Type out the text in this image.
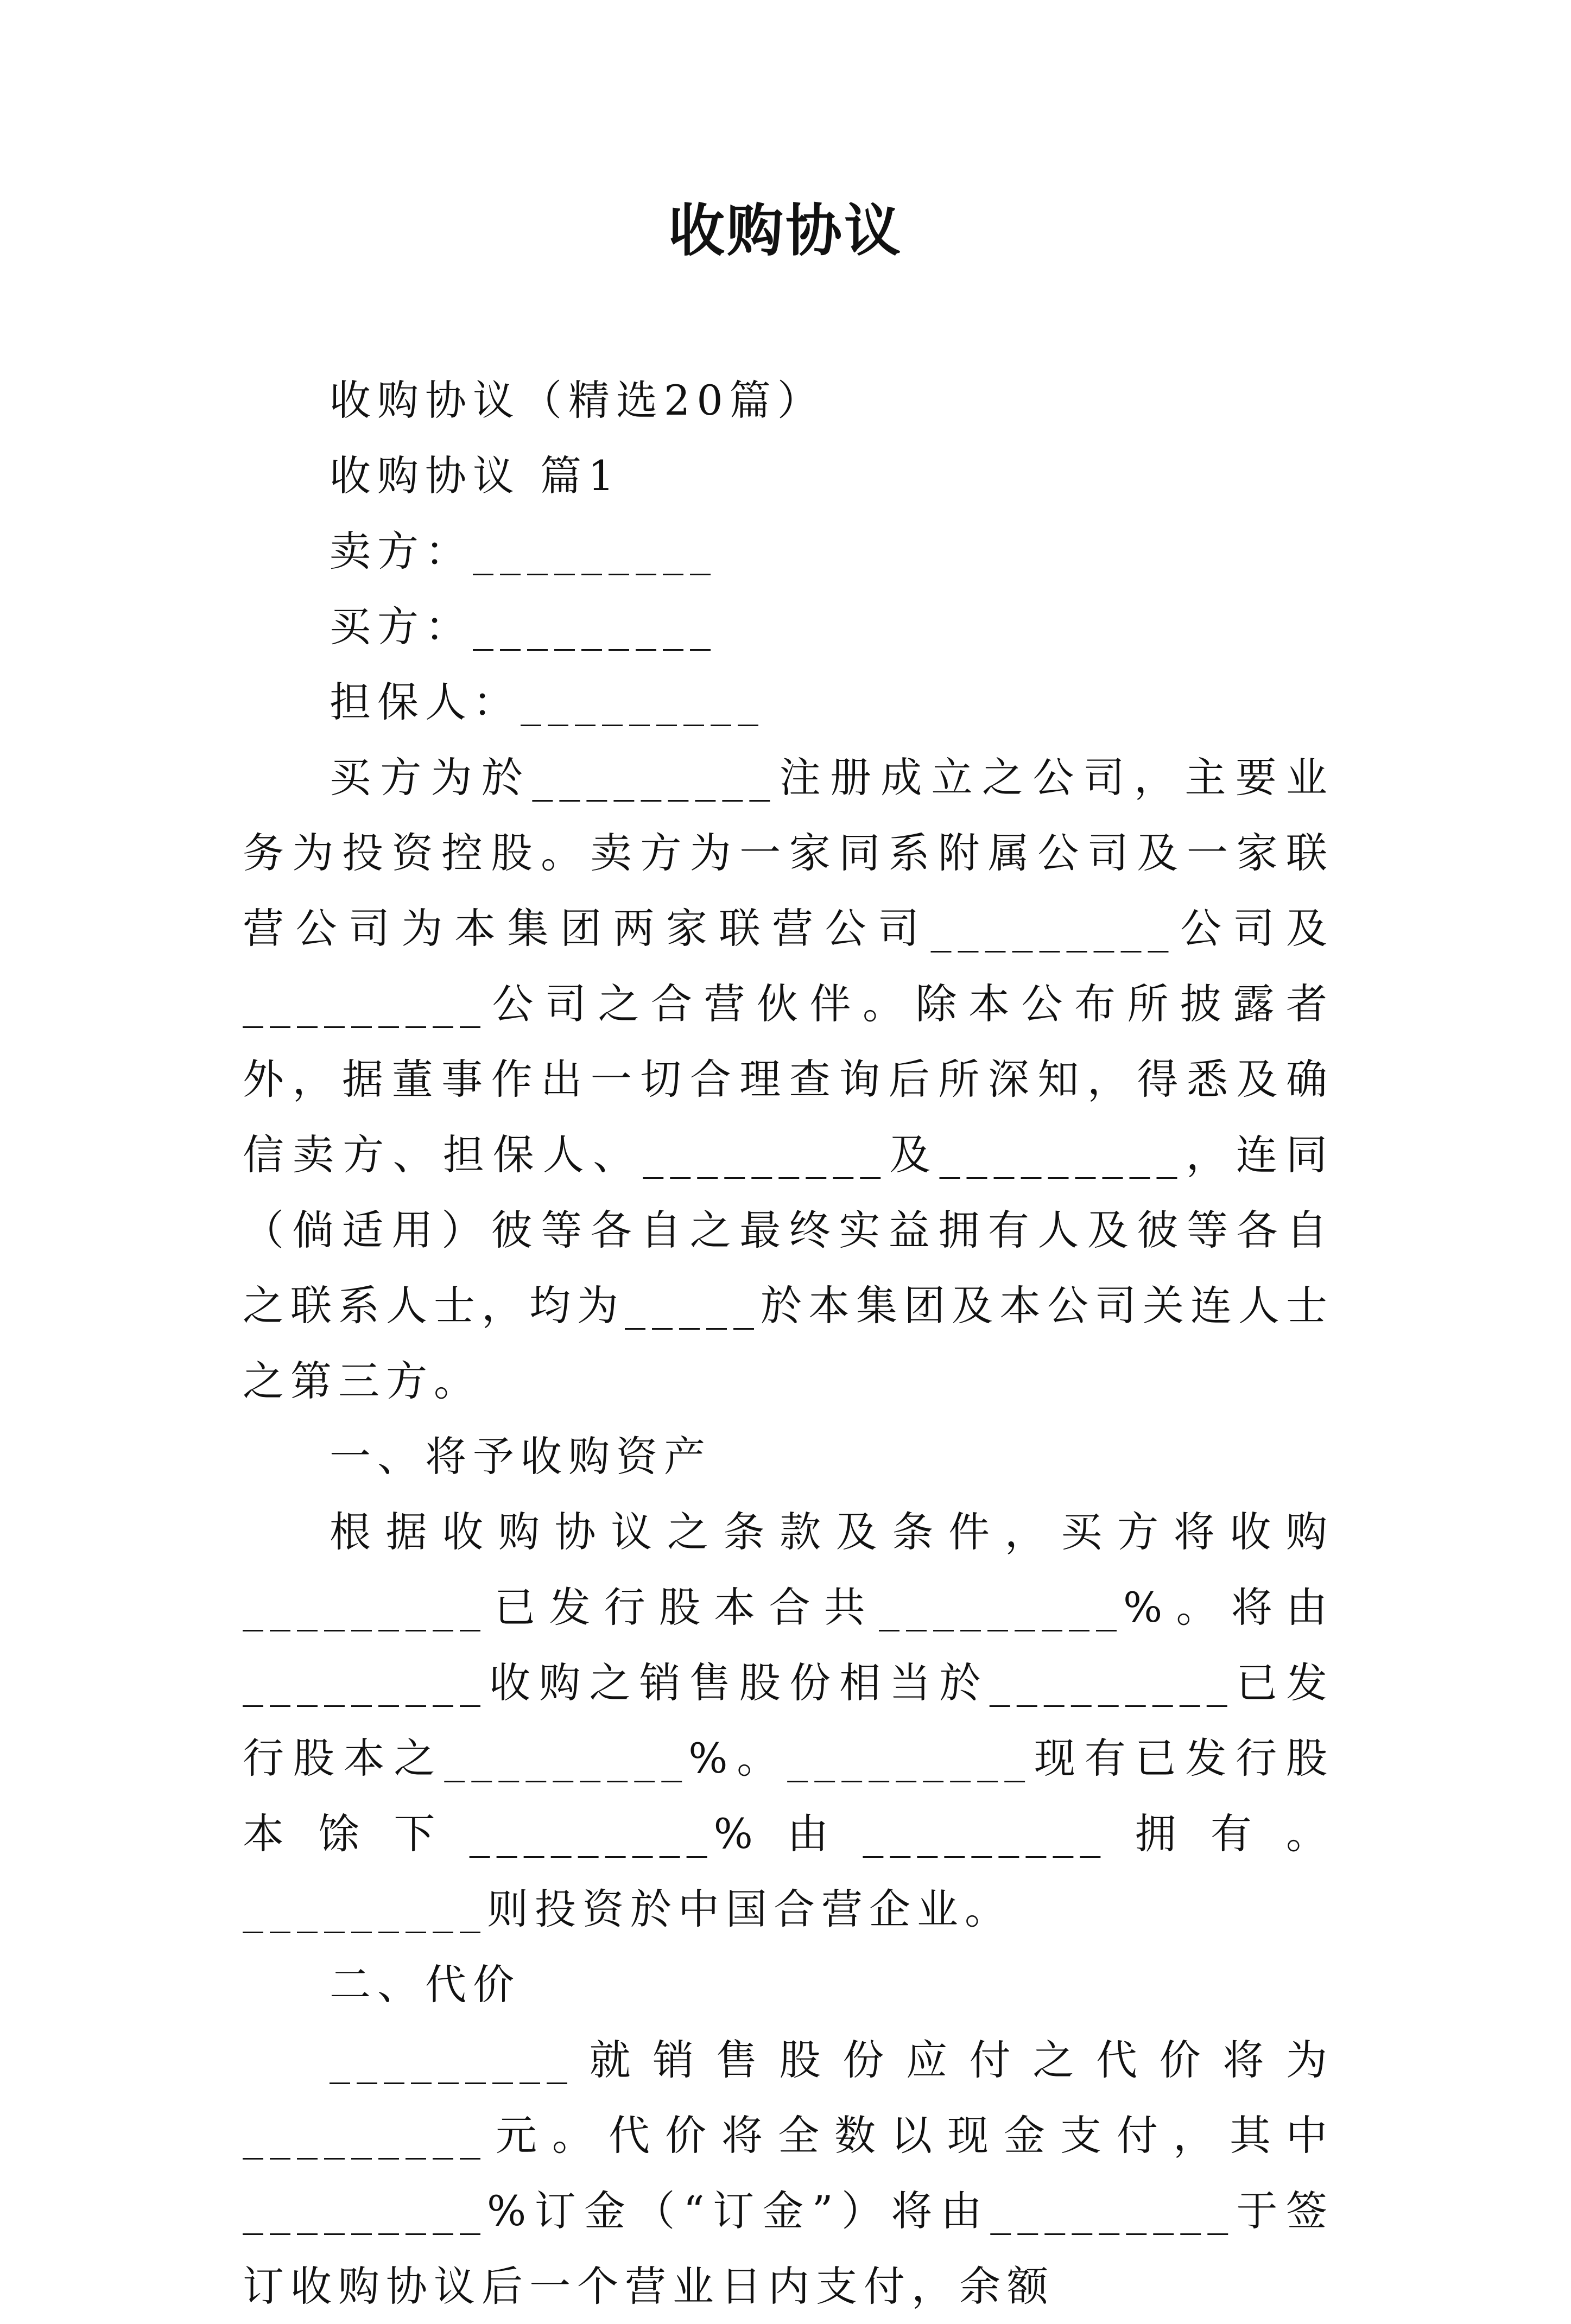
收购协议

收购协议（精选20篇）

收购协议 篇1

卖方：_________

买方：_________

担保人：_________

买方为於_________注册成立之公司，主要业务为投资控股。卖方为一家同系附属公司及一家联营公司为本集团两家联营公司_________公司及_________公司之合营伙伴。除本公布所披露者外，据董事作出一切合理查询后所深知，得悉及确信卖方、担保人、_________及_________，连同（倘适用）彼等各自之最终实益拥有人及彼等各自之联系人士，均为_____於本集团及本公司关连人士之第三方。

一、将予收购资产

根据收购协议之条款及条件，买方将收购_________已发行股本合共_________%。将由_________收购之销售股份相当於_________已发行股本之_________%。_________现有已发行股本馀下_________%由_________拥有。_________则投资於中国合营企业。

二、代价

_________就销售股份应付之代价将为_________元。代价将全数以现金支付，其中_________%订金（“订金”）将由_________于签订收购协议后一个营业日内支付，余额
